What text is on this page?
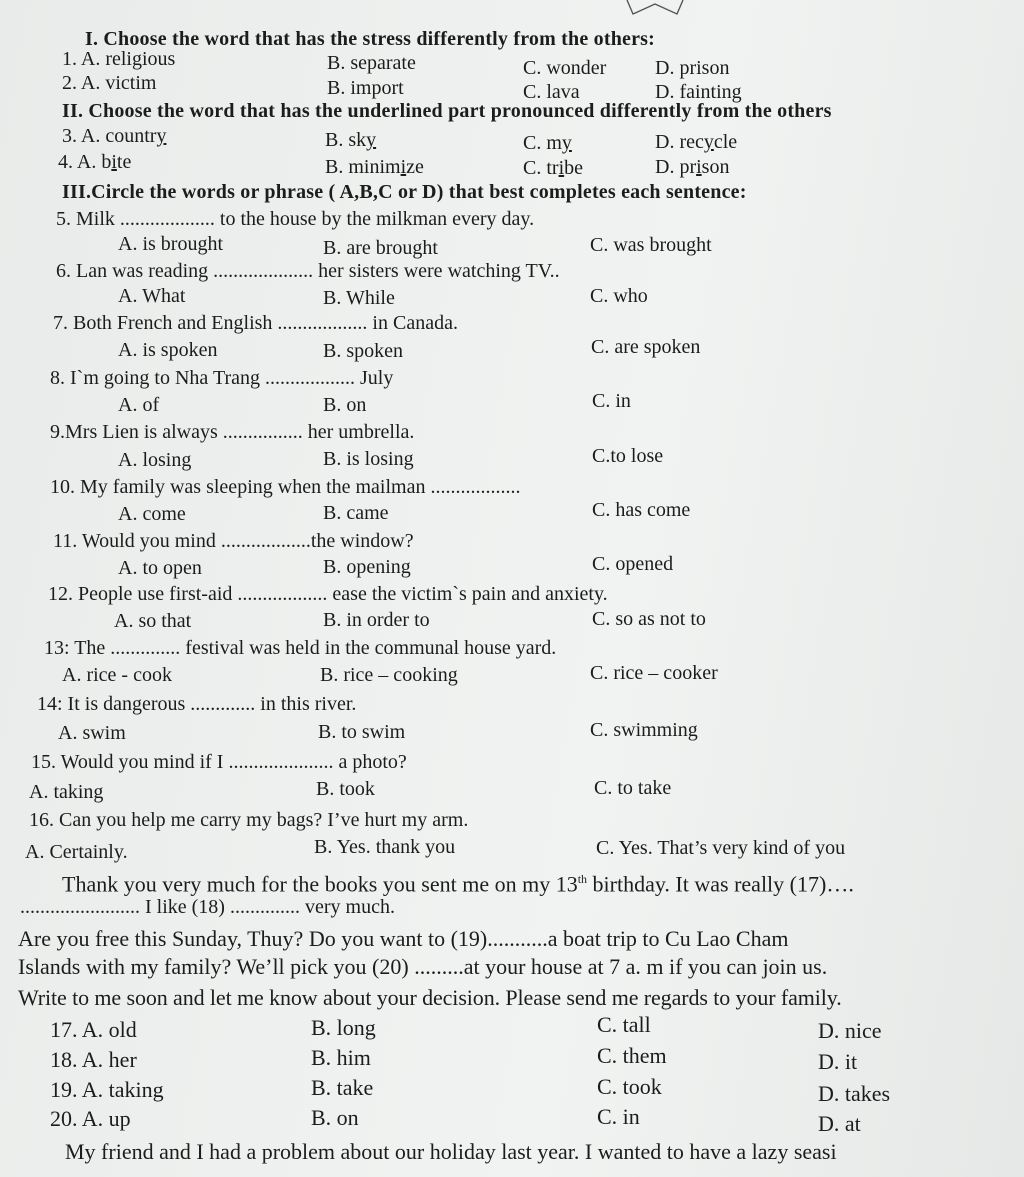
I. Choose the word that has the stress differently from the others:
1. A. religious	B. separate	C. wonder D. prison
2. A. victim	B. import	C. lava	D. fainting
II. Choose the word that has the underlined part pronounced differently from the others
3. A. country	B. sky	C. my	D. recycle
4. A. bite	B. minimize	C. tribe	D. prison
III.Circle the words or phrase ( A,B,C or D) that best completes each sentence:
5. Milk ................... to the house by the milkman every day.
A. is brought	B. are brought	C. was brought
6. Lan was reading .................... her sisters were watching TV..
A. What	B. While	C. who
7. Both French and English .................. in Canada.
A. is spoken	B. spoken	C. are spoken
8. I`m going to Nha Trang .................. July
A. of	B. on	C. in
9.Mrs Lien is always ................ her umbrella.
A. losing	B. is losing	C.to lose
10. My family was sleeping when the mailman ..................
A. come	B. came	C. has come
11. Would you mind ..................the window?
A. to open	B. opening	C. opened
12. People use first-aid .................. ease the victim`s pain and anxiety.
A. so that	B. in order to	C. so as not to
13: The .............. festival was held in the communal house yard.
A. rice - cook	B. rice – cooking	C. rice – cooker
14: It is dangerous ............. in this river.
A. swim	B. to swim	C. swimming
15. Would you mind if I ..................... a photo?
A. taking	B. took	C. to take
16. Can you help me carry my bags? I’ve hurt my arm.
A. Certainly.	B. Yes. thank you	C. Yes. That’s very kind of you
Thank you very much for the books you sent me on my 13th birthday. It was really (17)….
........................ I like (18) .............. very much.
Are you free this Sunday, Thuy? Do you want to (19)...........a boat trip to Cu Lao Cham
Islands with my family? We’ll pick you (20) .........at your house at 7 a. m if you can join us.
Write to me soon and let me know about your decision. Please send me regards to your family.
17. A. old	B. long	C. tall	D. nice
18. A. her	B. him	C. them	D. it
19. A. taking	B. take	C. took	D. takes
20. A. up	B. on	C. in	D. at
My friend and I had a problem about our holiday last year. I wanted to have a lazy seasi
